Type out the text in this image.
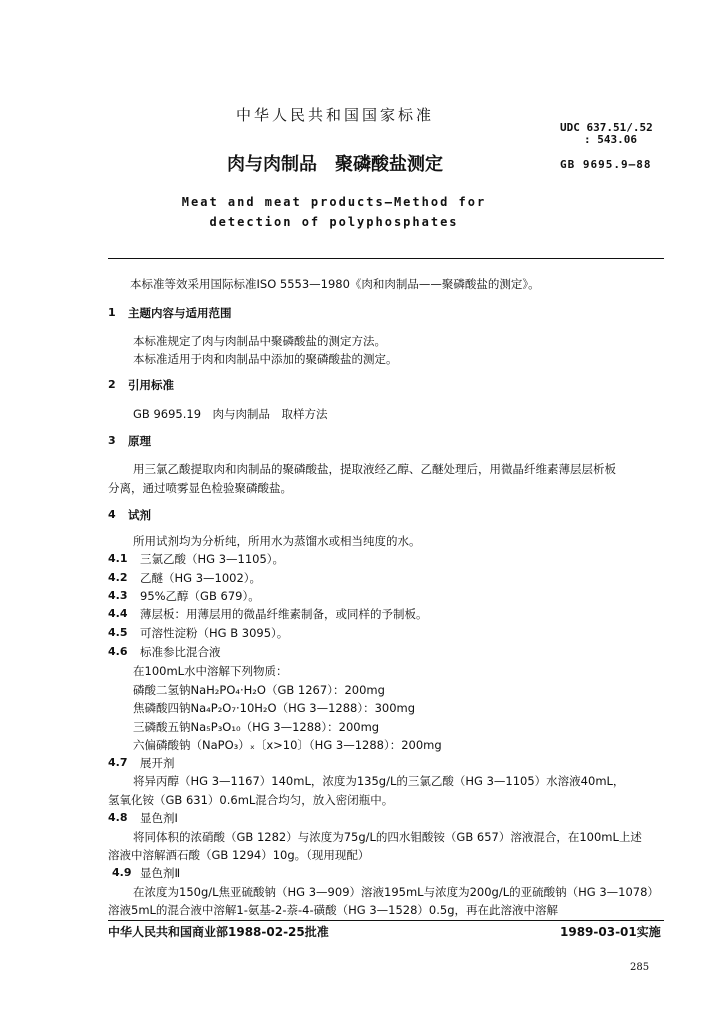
中华人民共和国国家标准
UDC 637.51/.52
: 543.06
肉与肉制品　聚磷酸盐测定	GB 9695.9—88
Meat and meat products—Method for
detection of polyphosphates
本标准等效采用国际标准ISO 5553—1980《肉和肉制品——聚磷酸盐的测定》。
1 主题内容与适用范围
本标准规定了肉与肉制品中聚磷酸盐的测定方法。
本标准适用于肉和肉制品中添加的聚磷酸盐的测定。
2 引用标准
GB 9695.19　肉与肉制品　取样方法
3 原理
用三氯乙酸提取肉和肉制品的聚磷酸盐，提取液经乙醇、乙醚处理后，用微晶纤维素薄层层析板
分离，通过喷雾显色检验聚磷酸盐。
4 试剂
所用试剂均为分析纯，所用水为蒸馏水或相当纯度的水。
4.1 三氯乙酸（HG 3—1105）。
4.2 乙醚（HG 3—1002）。
4.3 95%乙醇（GB 679）。
4.4 薄层板：用薄层用的微晶纤维素制备，或同样的予制板。
4.5 可溶性淀粉（HG B 3095）。
4.6 标准参比混合液
在100mL水中溶解下列物质：
磷酸二氢钠NaH₂PO₄·H₂O（GB 1267）：200mg
焦磷酸四钠Na₄P₂O₇·10H₂O（HG 3—1288）：300mg
三磷酸五钠Na₅P₃O₁₀（HG 3—1288）：200mg
六偏磷酸钠（NaPO₃）ₓ〔x>10〕（HG 3—1288）：200mg
4.7 展开剂
将异丙醇（HG 3—1167）140mL，浓度为135g/L的三氯乙酸（HG 3—1105）水溶液40mL，
氢氧化铵（GB 631）0.6mL混合均匀，放入密闭瓶中。
4.8 显色剂Ⅰ
将同体积的浓硝酸（GB 1282）与浓度为75g/L的四水钼酸铵（GB 657）溶液混合，在100mL上述
溶液中溶解酒石酸（GB 1294）10g。（现用现配）
4.9 显色剂Ⅱ
在浓度为150g/L焦亚硫酸钠（HG 3—909）溶液195mL与浓度为200g/L的亚硫酸钠（HG 3—1078）
溶液5mL的混合液中溶解1-氨基-2-萘-4-磺酸（HG 3—1528）0.5g，再在此溶液中溶解
中华人民共和国商业部1988-02-25批准	1989-03-01实施
285
